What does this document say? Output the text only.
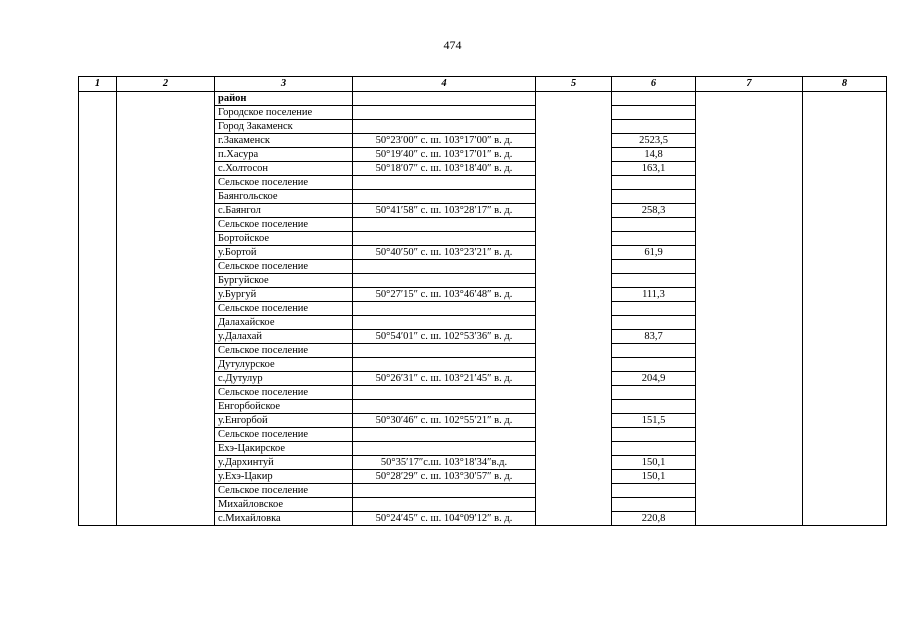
474
1	2	3	4	5	6	7	8
		район					
		Городское поселение					
		Город Закаменск					
		г.Закаменск	50°23′00″ с. ш. 103°17′00″ в. д.		2523,5		
		п.Хасура	50°19′40″ с. ш. 103°17′01″ в. д.		14,8		
		с.Холтосон	50°18′07″ с. ш. 103°18′40″ в. д.		163,1		
		Сельское поселение					
		Баянгольское					
		с.Баянгол	50°41′58″ с. ш. 103°28′17″ в. д.		258,3		
		Сельское поселение					
		Бортойское					
		у.Бортой	50°40′50″ с. ш. 103°23′21″ в. д.		61,9		
		Сельское поселение					
		Бургуйское					
		у.Бургуй	50°27′15″ с. ш. 103°46′48″ в. д.		111,3		
		Сельское поселение					
		Далахайское					
		у.Далахай	50°54′01″ с. ш. 102°53′36″ в. д.		83,7		
		Сельское поселение					
		Дутулурское					
		с.Дутулур	50°26′31″ с. ш. 103°21′45″ в. д.		204,9		
		Сельское поселение					
		Енгорбойское					
		у.Енгорбой	50°30′46″ с. ш. 102°55′21″ в. д.		151,5		
		Сельское поселение					
		Ехэ-Цакирское					
		у.Дархинтуй	50°35′17″с.ш. 103°18′34″в.д.		150,1		
		у.Ехэ-Цакир	50°28′29″ с. ш. 103°30′57″ в. д.		150,1		
		Сельское поселение					
		Михайловское					
		с.Михайловка	50°24′45″ с. ш. 104°09′12″ в. д.		220,8		
